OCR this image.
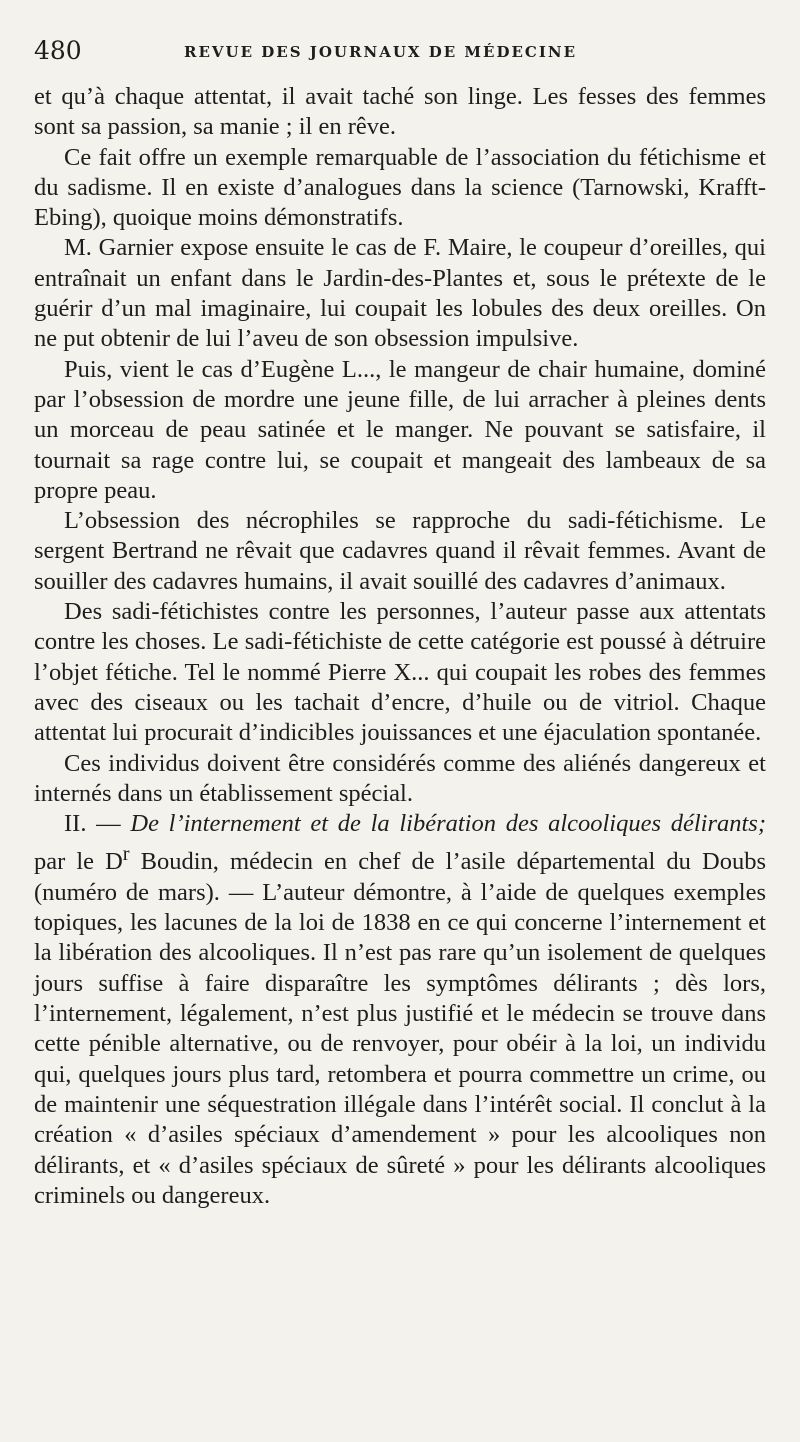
480	REVUE DES JOURNAUX DE MÉDECINE

et qu’à chaque attentat, il avait taché son linge. Les fesses des femmes sont sa passion, sa manie ; il en rêve.

Ce fait offre un exemple remarquable de l’association du fétichisme et du sadisme. Il en existe d’analogues dans la science (Tarnowski, Krafft-Ebing), quoique moins démonstratifs.

M. Garnier expose ensuite le cas de F. Maire, le coupeur d’oreilles, qui entraînait un enfant dans le Jardin-des-Plantes et, sous le prétexte de le guérir d’un mal imaginaire, lui coupait les lobules des deux oreilles. On ne put obtenir de lui l’aveu de son obsession impulsive.

Puis, vient le cas d’Eugène L..., le mangeur de chair humaine, dominé par l’obsession de mordre une jeune fille, de lui arracher à pleines dents un morceau de peau satinée et le manger. Ne pouvant se satisfaire, il tournait sa rage contre lui, se coupait et mangeait des lambeaux de sa propre peau.

L’obsession des nécrophiles se rapproche du sadi-fétichisme. Le sergent Bertrand ne rêvait que cadavres quand il rêvait femmes. Avant de souiller des cadavres humains, il avait souillé des cadavres d’animaux.

Des sadi-fétichistes contre les personnes, l’auteur passe aux attentats contre les choses. Le sadi-fétichiste de cette catégorie est poussé à détruire l’objet fétiche. Tel le nommé Pierre X... qui coupait les robes des femmes avec des ciseaux ou les tachait d’encre, d’huile ou de vitriol. Chaque attentat lui procurait d’indicibles jouissances et une éjaculation spontanée.

Ces individus doivent être considérés comme des aliénés dangereux et internés dans un établissement spécial.

II. — De l’internement et de la libération des alcooliques délirants; par le $D^r$ Boudin, médecin en chef de l’asile départemental du Doubs (numéro de mars). — L’auteur démontre, à l’aide de quelques exemples topiques, les lacunes de la loi de 1838 en ce qui concerne l’internement et la libération des alcooliques. Il n’est pas rare qu’un isolement de quelques jours suffise à faire disparaître les symptômes délirants ; dès lors, l’internement, légalement, n’est plus justifié et le médecin se trouve dans cette pénible alternative, ou de renvoyer, pour obéir à la loi, un individu qui, quelques jours plus tard, retombera et pourra commettre un crime, ou de maintenir une séquestration illégale dans l’intérêt social. Il conclut à la création « d’asiles spéciaux d’amendement » pour les alcooliques non délirants, et « d’asiles spéciaux de sûreté » pour les délirants alcooliques criminels ou dangereux.
